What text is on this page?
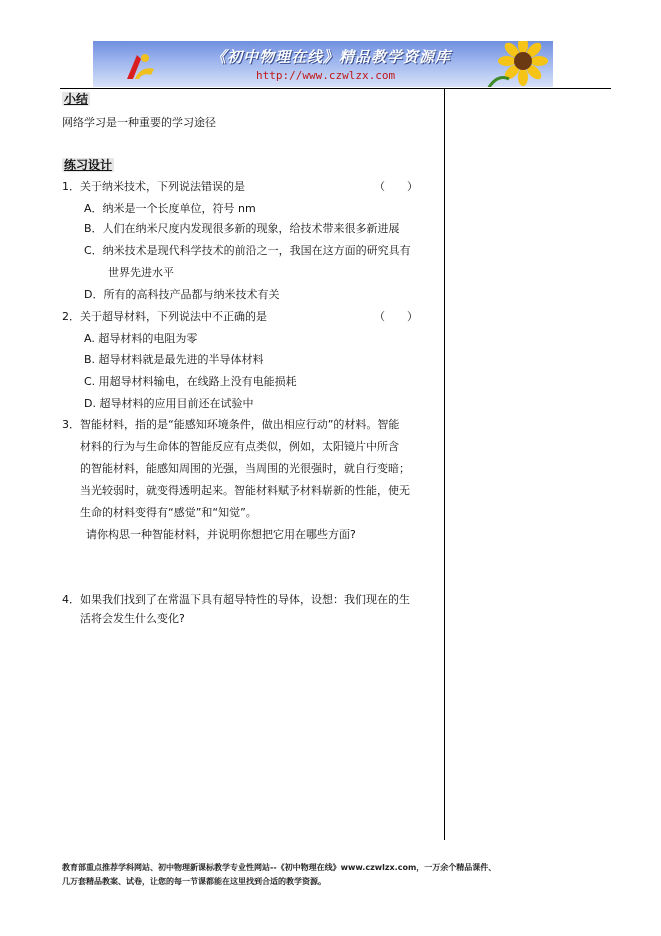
《初中物理在线》精品教学资源库
http://www.czwlzx.com
小结
网络学习是一种重要的学习途径
练习设计
1．关于纳米技术，下列说法错误的是	（　　）
A．纳米是一个长度单位，符号 nm
B．人们在纳米尺度内发现很多新的现象，给技术带来很多新进展
C．纳米技术是现代科学技术的前沿之一，我国在这方面的研究具有
世界先进水平
D．所有的高科技产品都与纳米技术有关
2．关于超导材料，下列说法中不正确的是	（　　）
A. 超导材料的电阻为零
B. 超导材料就是最先进的半导体材料
C. 用超导材料输电，在线路上没有电能损耗
D. 超导材料的应用目前还在试验中
3．智能材料，指的是“能感知环境条件，做出相应行动”的材料。智能
材料的行为与生命体的智能反应有点类似，例如，太阳镜片中所含
的智能材料，能感知周围的光强，当周围的光很强时，就自行变暗；
当光较弱时，就变得透明起来。智能材料赋予材料崭新的性能，使无
生命的材料变得有“感觉”和“知觉”。
请你构思一种智能材料，并说明你想把它用在哪些方面?
4．如果我们找到了在常温下具有超导特性的导体，设想：我们现在的生
活将会发生什么变化?
教育部重点推荐学科网站、初中物理新课标教学专业性网站--《初中物理在线》www.czwlzx.com，一万余个精品课件、
几万套精品教案、试卷，让您的每一节课都能在这里找到合适的教学资源。
